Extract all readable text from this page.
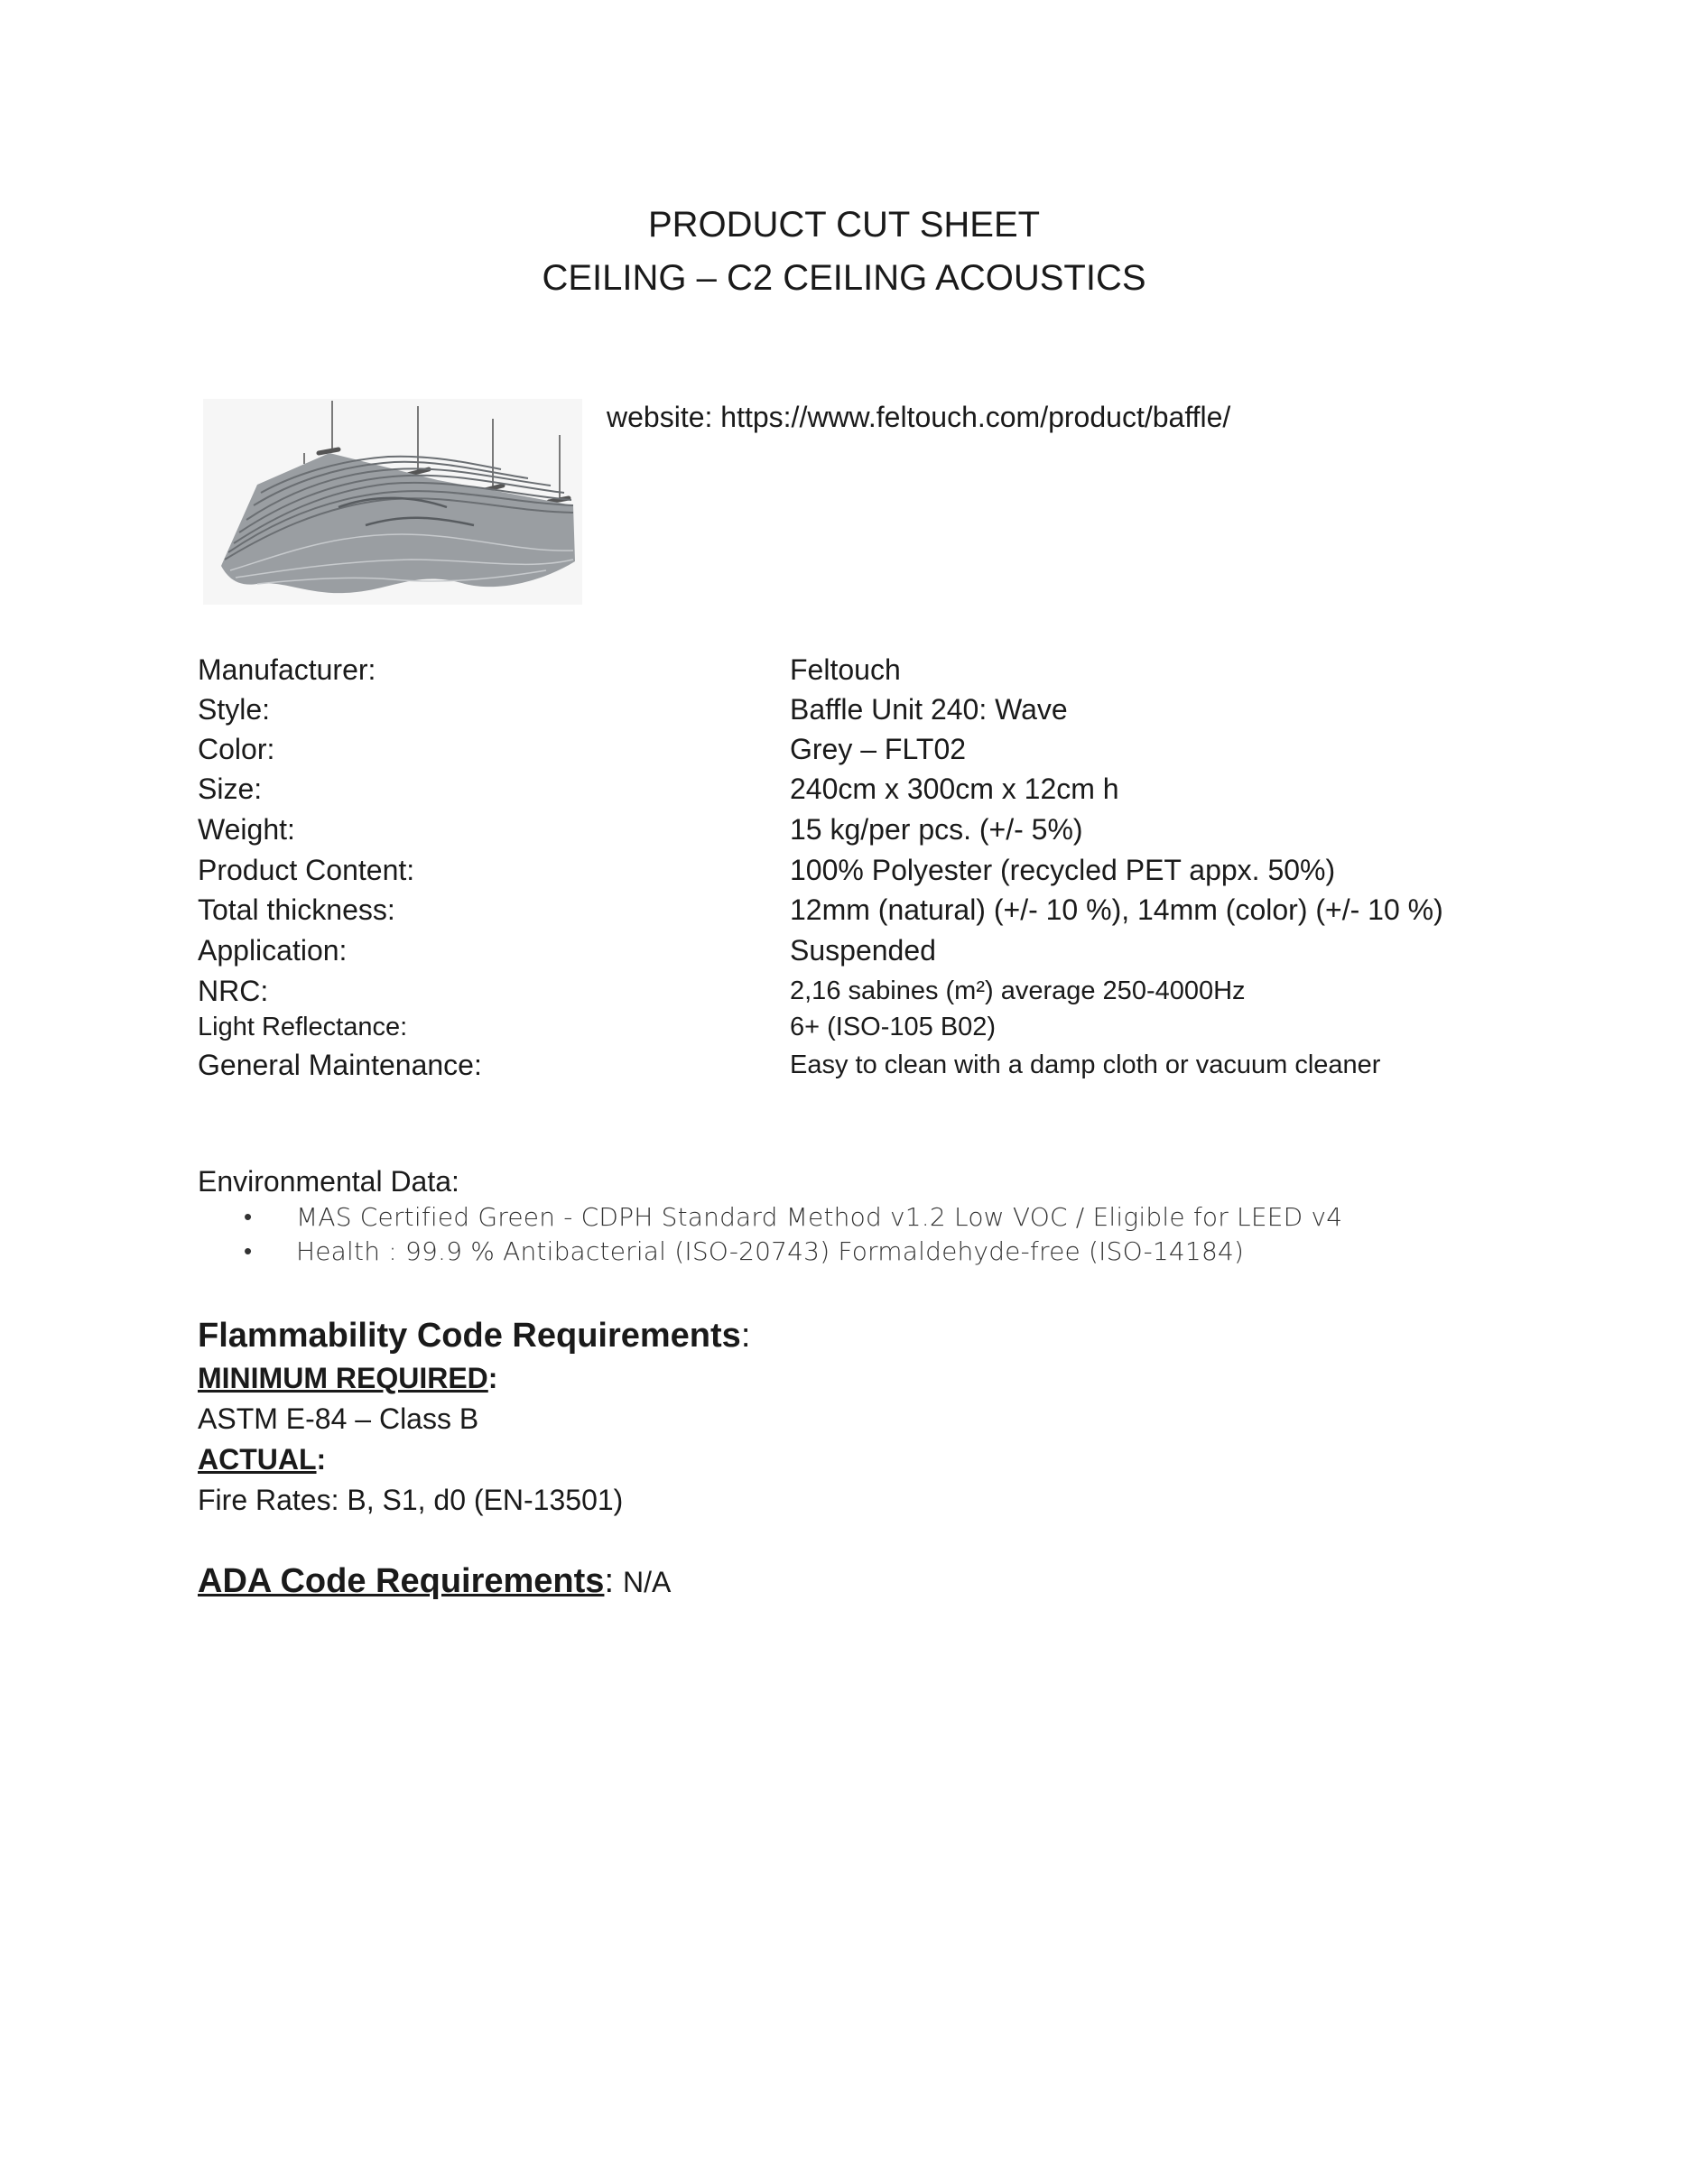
PRODUCT CUT SHEET
CEILING – C2 CEILING ACOUSTICS
website: https://www.feltouch.com/product/baffle/
Manufacturer:	Feltouch
Style:	Baffle Unit 240: Wave
Color:	Grey – FLT02
Size:	240cm x 300cm x 12cm h
Weight:	15 kg/per pcs. (+/- 5%)
Product Content:	100% Polyester (recycled PET appx. 50%)
Total thickness:	12mm (natural) (+/- 10 %), 14mm (color) (+/- 10 %)
Application:	Suspended
NRC:	2,16 sabines (m²) average 250-4000Hz
Light Reflectance:	6+ (ISO-105 B02)
General Maintenance:	Easy to clean with a damp cloth or vacuum cleaner
Environmental Data:
• MAS Certified Green - CDPH Standard Method v1.2 Low VOC / Eligible for LEED v4
• Health : 99.9 % Antibacterial (ISO-20743) Formaldehyde-free (ISO-14184)
Flammability Code Requirements:
MINIMUM REQUIRED:
ASTM E-84 – Class B
ACTUAL:
Fire Rates: B, S1, d0 (EN-13501)
ADA Code Requirements: N/A
